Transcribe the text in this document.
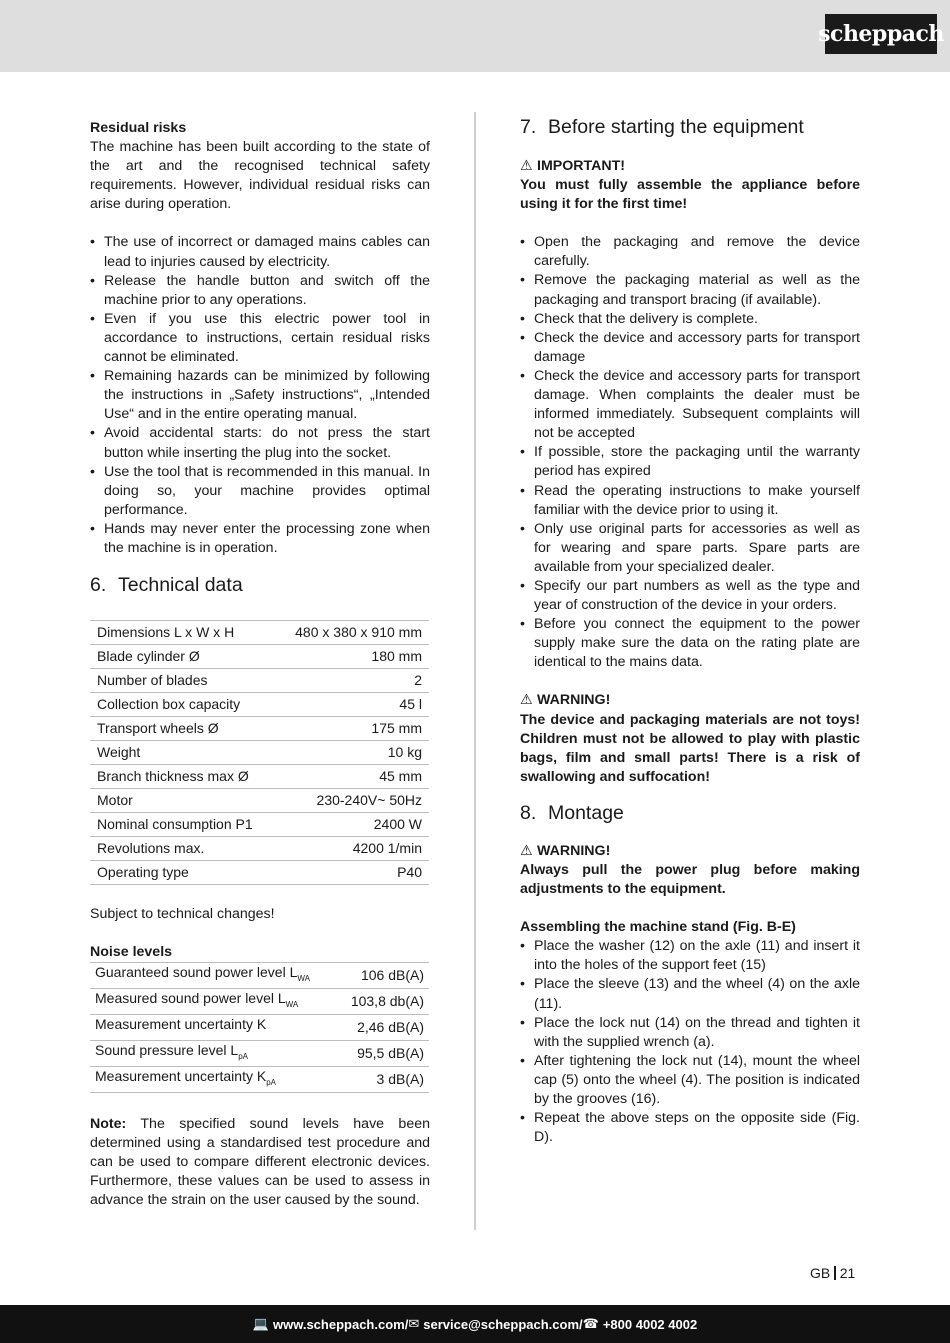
scheppach

Residual risks

The machine has been built according to the state of the art and the recognised technical safety requirements. However, individual residual risks can arise during operation.

• The use of incorrect or damaged mains cables can lead to injuries caused by electricity.
• Release the handle button and switch off the machine prior to any operations.
• Even if you use this electric power tool in accordance to instructions, certain residual risks cannot be eliminated.
• Remaining hazards can be minimized by following the instructions in „Safety instructions“, „Intended Use“ and in the entire operating manual.
• Avoid accidental starts: do not press the start button while inserting the plug into the socket.
• Use the tool that is recommended in this manual. In doing so, your machine provides optimal performance.
• Hands may never enter the processing zone when the machine is in operation.
6. Technical data
Dimensions L x W x H	480 x 380 x 910 mm
Blade cylinder Ø	180 mm
Number of blades	2
Collection box capacity	45 l
Transport wheels Ø	175 mm
Weight	10 kg
Branch thickness max Ø	45 mm
Motor	230-240V~ 50Hz
Nominal consumption P1	2400 W
Revolutions max.	4200 1/min
Operating type	P40

Subject to technical changes!

Noise levels

Guaranteed sound power level $L_{WA}$	106 dB(A)
Measured sound power level $L_{WA}$	103,8 db(A)
Measurement uncertainty K	2,46 dB(A)
Sound pressure level $L_{pA}$	95,5 dB(A)
Measurement uncertainty $K_{pA}$	3 dB(A)

Note: The specified sound levels have been determined using a standardised test procedure and can be used to compare different electronic devices. Furthermore, these values can be used to assess in advance the strain on the user caused by the sound.

7. Before starting the equipment

⚠ IMPORTANT!

You must fully assemble the appliance before using it for the first time!

• Open the packaging and remove the device carefully.
• Remove the packaging material as well as the packaging and transport bracing (if available).
• Check that the delivery is complete.
• Check the device and accessory parts for transport damage
• Check the device and accessory parts for transport damage. When complaints the dealer must be informed immediately. Subsequent complaints will not be accepted
• If possible, store the packaging until the warranty period has expired
• Read the operating instructions to make yourself familiar with the device prior to using it.
• Only use original parts for accessories as well as for wearing and spare parts. Spare parts are available from your specialized dealer.
• Specify our part numbers as well as the type and year of construction of the device in your orders.
• Before you connect the equipment to the power supply make sure the data on the rating plate are identical to the mains data.

⚠ WARNING!

The device and packaging materials are not toys! Children must not be allowed to play with plastic bags, film and small parts! There is a risk of swallowing and suffocation!

8. Montage

⚠ WARNING!

Always pull the power plug before making adjustments to the equipment.

Assembling the machine stand (Fig. B-E)

• Place the washer (12) on the axle (11) and insert it into the holes of the support feet (15)
• Place the sleeve (13) and the wheel (4) on the axle (11).
• Place the lock nut (14) on the thread and tighten it with the supplied wrench (a).
• After tightening the lock nut (14), mount the wheel cap (5) onto the wheel (4). The position is indicated by the grooves (16).
• Repeat the above steps on the opposite side (Fig. D).
GB 21
💻 www.scheppach.com / ✉ service@scheppach.com / ☎ +800 4002 4002
